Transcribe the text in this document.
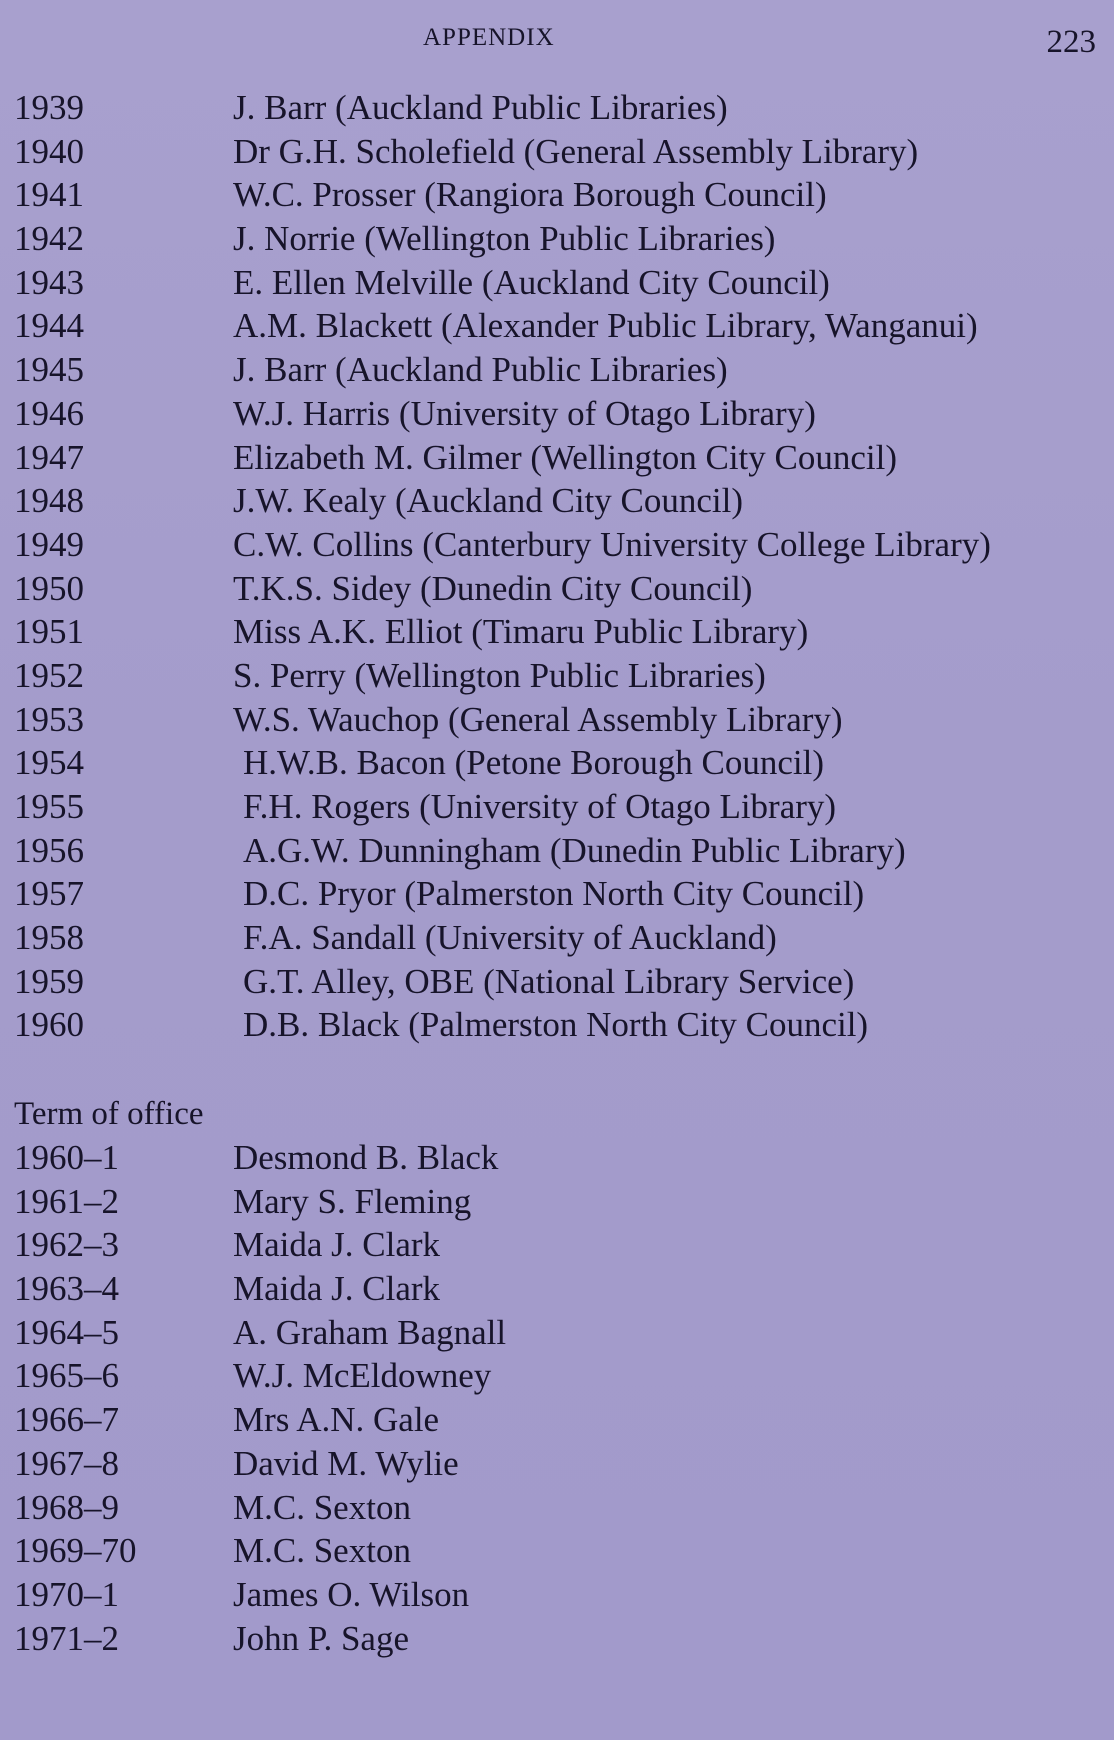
APPENDIX	223
1939	J. Barr (Auckland Public Libraries)
1940	Dr G.H. Scholefield (General Assembly Library)
1941	W.C. Prosser (Rangiora Borough Council)
1942	J. Norrie (Wellington Public Libraries)
1943	E. Ellen Melville (Auckland City Council)
1944	A.M. Blackett (Alexander Public Library, Wanganui)
1945	J. Barr (Auckland Public Libraries)
1946	W.J. Harris (University of Otago Library)
1947	Elizabeth M. Gilmer (Wellington City Council)
1948	J.W. Kealy (Auckland City Council)
1949	C.W. Collins (Canterbury University College Library)
1950	T.K.S. Sidey (Dunedin City Council)
1951	Miss A.K. Elliot (Timaru Public Library)
1952	S. Perry (Wellington Public Libraries)
1953	W.S. Wauchop (General Assembly Library)
1954	H.W.B. Bacon (Petone Borough Council)
1955	F.H. Rogers (University of Otago Library)
1956	A.G.W. Dunningham (Dunedin Public Library)
1957	D.C. Pryor (Palmerston North City Council)
1958	F.A. Sandall (University of Auckland)
1959	G.T. Alley, OBE (National Library Service)
1960	D.B. Black (Palmerston North City Council)
Term of office
1960–1	Desmond B. Black
1961–2	Mary S. Fleming
1962–3	Maida J. Clark
1963–4	Maida J. Clark
1964–5	A. Graham Bagnall
1965–6	W.J. McEldowney
1966–7	Mrs A.N. Gale
1967–8	David M. Wylie
1968–9	M.C. Sexton
1969–70	M.C. Sexton
1970–1	James O. Wilson
1971–2	John P. Sage
